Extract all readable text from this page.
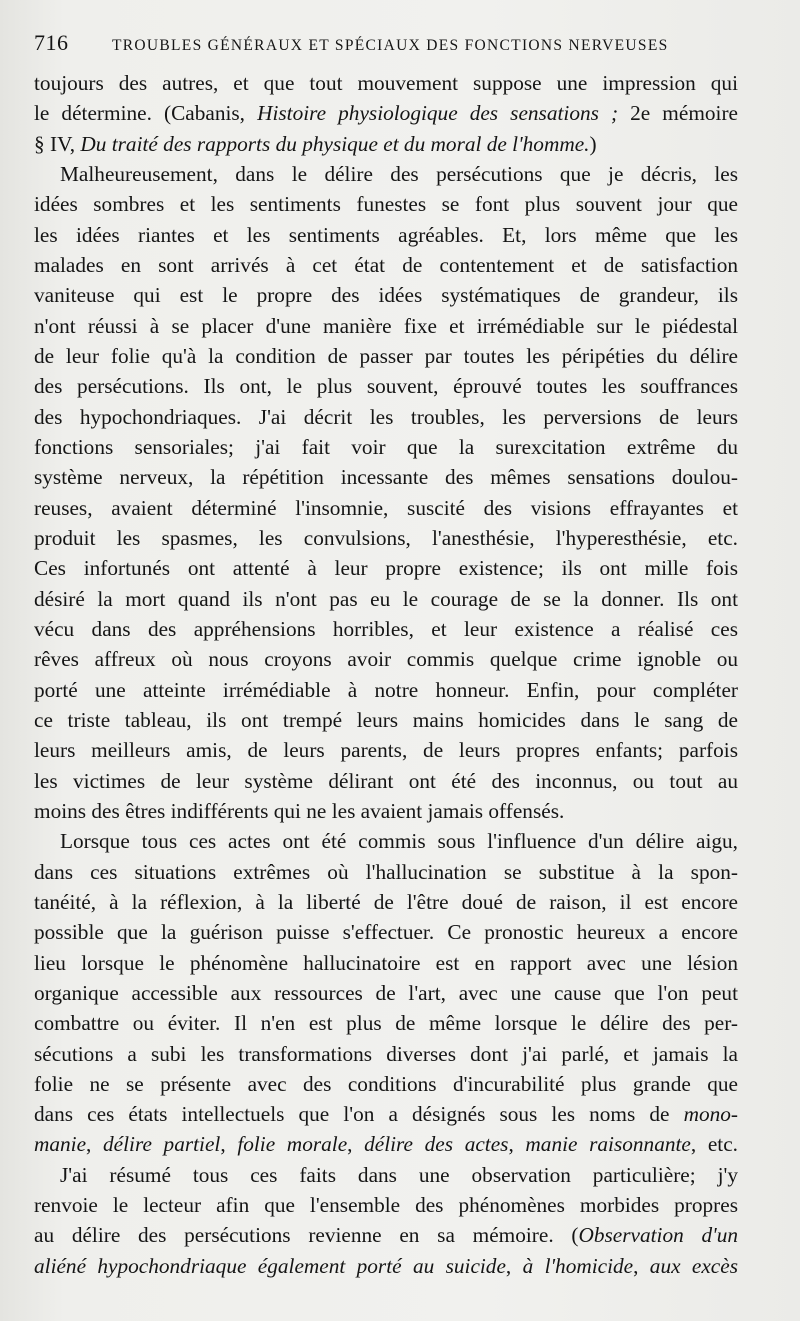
716	TROUBLES GÉNÉRAUX ET SPÉCIAUX DES FONCTIONS NERVEUSES
toujours des autres, et que tout mouvement suppose une impression qui
le détermine. (Cabanis, Histoire physiologique des sensations ; 2e mémoire
§ IV, Du traité des rapports du physique et du moral de l'homme.)
Malheureusement, dans le délire des persécutions que je décris, les
idées sombres et les sentiments funestes se font plus souvent jour que
les idées riantes et les sentiments agréables. Et, lors même que les
malades en sont arrivés à cet état de contentement et de satisfaction
vaniteuse qui est le propre des idées systématiques de grandeur, ils
n'ont réussi à se placer d'une manière fixe et irrémédiable sur le piédestal
de leur folie qu'à la condition de passer par toutes les péripéties du délire
des persécutions. Ils ont, le plus souvent, éprouvé toutes les souffrances
des hypochondriaques. J'ai décrit les troubles, les perversions de leurs
fonctions sensoriales; j'ai fait voir que la surexcitation extrême du
système nerveux, la répétition incessante des mêmes sensations doulou-
reuses, avaient déterminé l'insomnie, suscité des visions effrayantes et
produit les spasmes, les convulsions, l'anesthésie, l'hyperesthésie, etc.
Ces infortunés ont attenté à leur propre existence; ils ont mille fois
désiré la mort quand ils n'ont pas eu le courage de se la donner. Ils ont
vécu dans des appréhensions horribles, et leur existence a réalisé ces
rêves affreux où nous croyons avoir commis quelque crime ignoble ou
porté une atteinte irrémédiable à notre honneur. Enfin, pour compléter
ce triste tableau, ils ont trempé leurs mains homicides dans le sang de
leurs meilleurs amis, de leurs parents, de leurs propres enfants; parfois
les victimes de leur système délirant ont été des inconnus, ou tout au
moins des êtres indifférents qui ne les avaient jamais offensés.
Lorsque tous ces actes ont été commis sous l'influence d'un délire aigu,
dans ces situations extrêmes où l'hallucination se substitue à la spon-
tanéité, à la réflexion, à la liberté de l'être doué de raison, il est encore
possible que la guérison puisse s'effectuer. Ce pronostic heureux a encore
lieu lorsque le phénomène hallucinatoire est en rapport avec une lésion
organique accessible aux ressources de l'art, avec une cause que l'on peut
combattre ou éviter. Il n'en est plus de même lorsque le délire des per-
sécutions a subi les transformations diverses dont j'ai parlé, et jamais la
folie ne se présente avec des conditions d'incurabilité plus grande que
dans ces états intellectuels que l'on a désignés sous les noms de mono-
manie, délire partiel, folie morale, délire des actes, manie raisonnante, etc.
J'ai résumé tous ces faits dans une observation particulière; j'y
renvoie le lecteur afin que l'ensemble des phénomènes morbides propres
au délire des persécutions revienne en sa mémoire. (Observation d'un
aliéné hypochondriaque également porté au suicide, à l'homicide, aux excès
